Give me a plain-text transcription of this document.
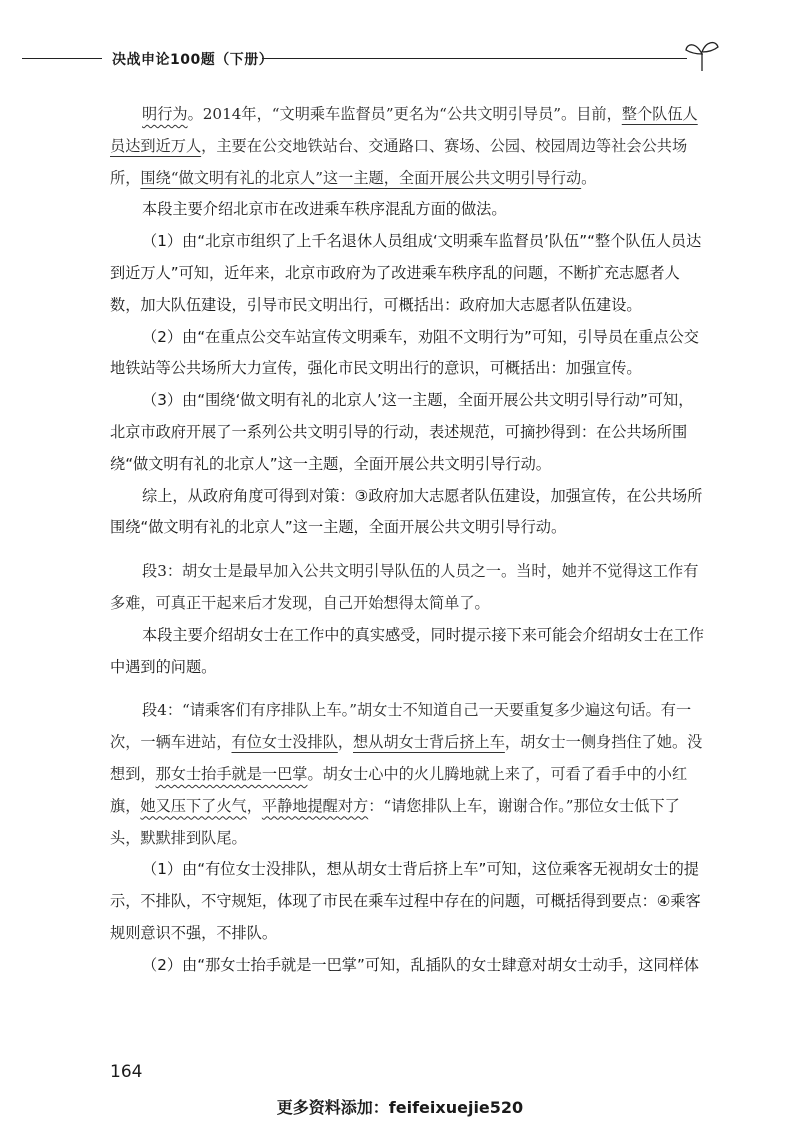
决战申论100题（下册）

明行为。2014年，“文明乘车监督员”更名为“公共文明引导员”。目前，整个队伍人员达到近万人，主要在公交地铁站台、交通路口、赛场、公园、校园周边等社会公共场所，围绕“做文明有礼的北京人”这一主题，全面开展公共文明引导行动。

本段主要介绍北京市在改进乘车秩序混乱方面的做法。

（1）由“北京市组织了上千名退休人员组成‘文明乘车监督员’队伍”“整个队伍人员达到近万人”可知，近年来，北京市政府为了改进乘车秩序乱的问题，不断扩充志愿者人数，加大队伍建设，引导市民文明出行，可概括出：政府加大志愿者队伍建设。

（2）由“在重点公交车站宣传文明乘车，劝阻不文明行为”可知，引导员在重点公交地铁站等公共场所大力宣传，强化市民文明出行的意识，可概括出：加强宣传。

（3）由“围绕‘做文明有礼的北京人’这一主题，全面开展公共文明引导行动”可知，北京市政府开展了一系列公共文明引导的行动，表述规范，可摘抄得到：在公共场所围绕“做文明有礼的北京人”这一主题，全面开展公共文明引导行动。

综上，从政府角度可得到对策：③政府加大志愿者队伍建设，加强宣传，在公共场所围绕“做文明有礼的北京人”这一主题，全面开展公共文明引导行动。

段3：胡女士是最早加入公共文明引导队伍的人员之一。当时，她并不觉得这工作有多难，可真正干起来后才发现，自己开始想得太简单了。

本段主要介绍胡女士在工作中的真实感受，同时提示接下来可能会介绍胡女士在工作中遇到的问题。

段4：“请乘客们有序排队上车。”胡女士不知道自己一天要重复多少遍这句话。有一次，一辆车进站，有位女士没排队，想从胡女士背后挤上车，胡女士一侧身挡住了她。没想到，那女士抬手就是一巴掌。胡女士心中的火儿腾地就上来了，可看了看手中的小红旗，她又压下了火气，平静地提醒对方：“请您排队上车，谢谢合作。”那位女士低下了头，默默排到队尾。

（1）由“有位女士没排队，想从胡女士背后挤上车”可知，这位乘客无视胡女士的提示，不排队，不守规矩，体现了市民在乘车过程中存在的问题，可概括得到要点：④乘客规则意识不强，不排队。

（2）由“那女士抬手就是一巴掌”可知，乱插队的女士肆意对胡女士动手，这同样体

164
更多资料添加：feifeixuejie520
